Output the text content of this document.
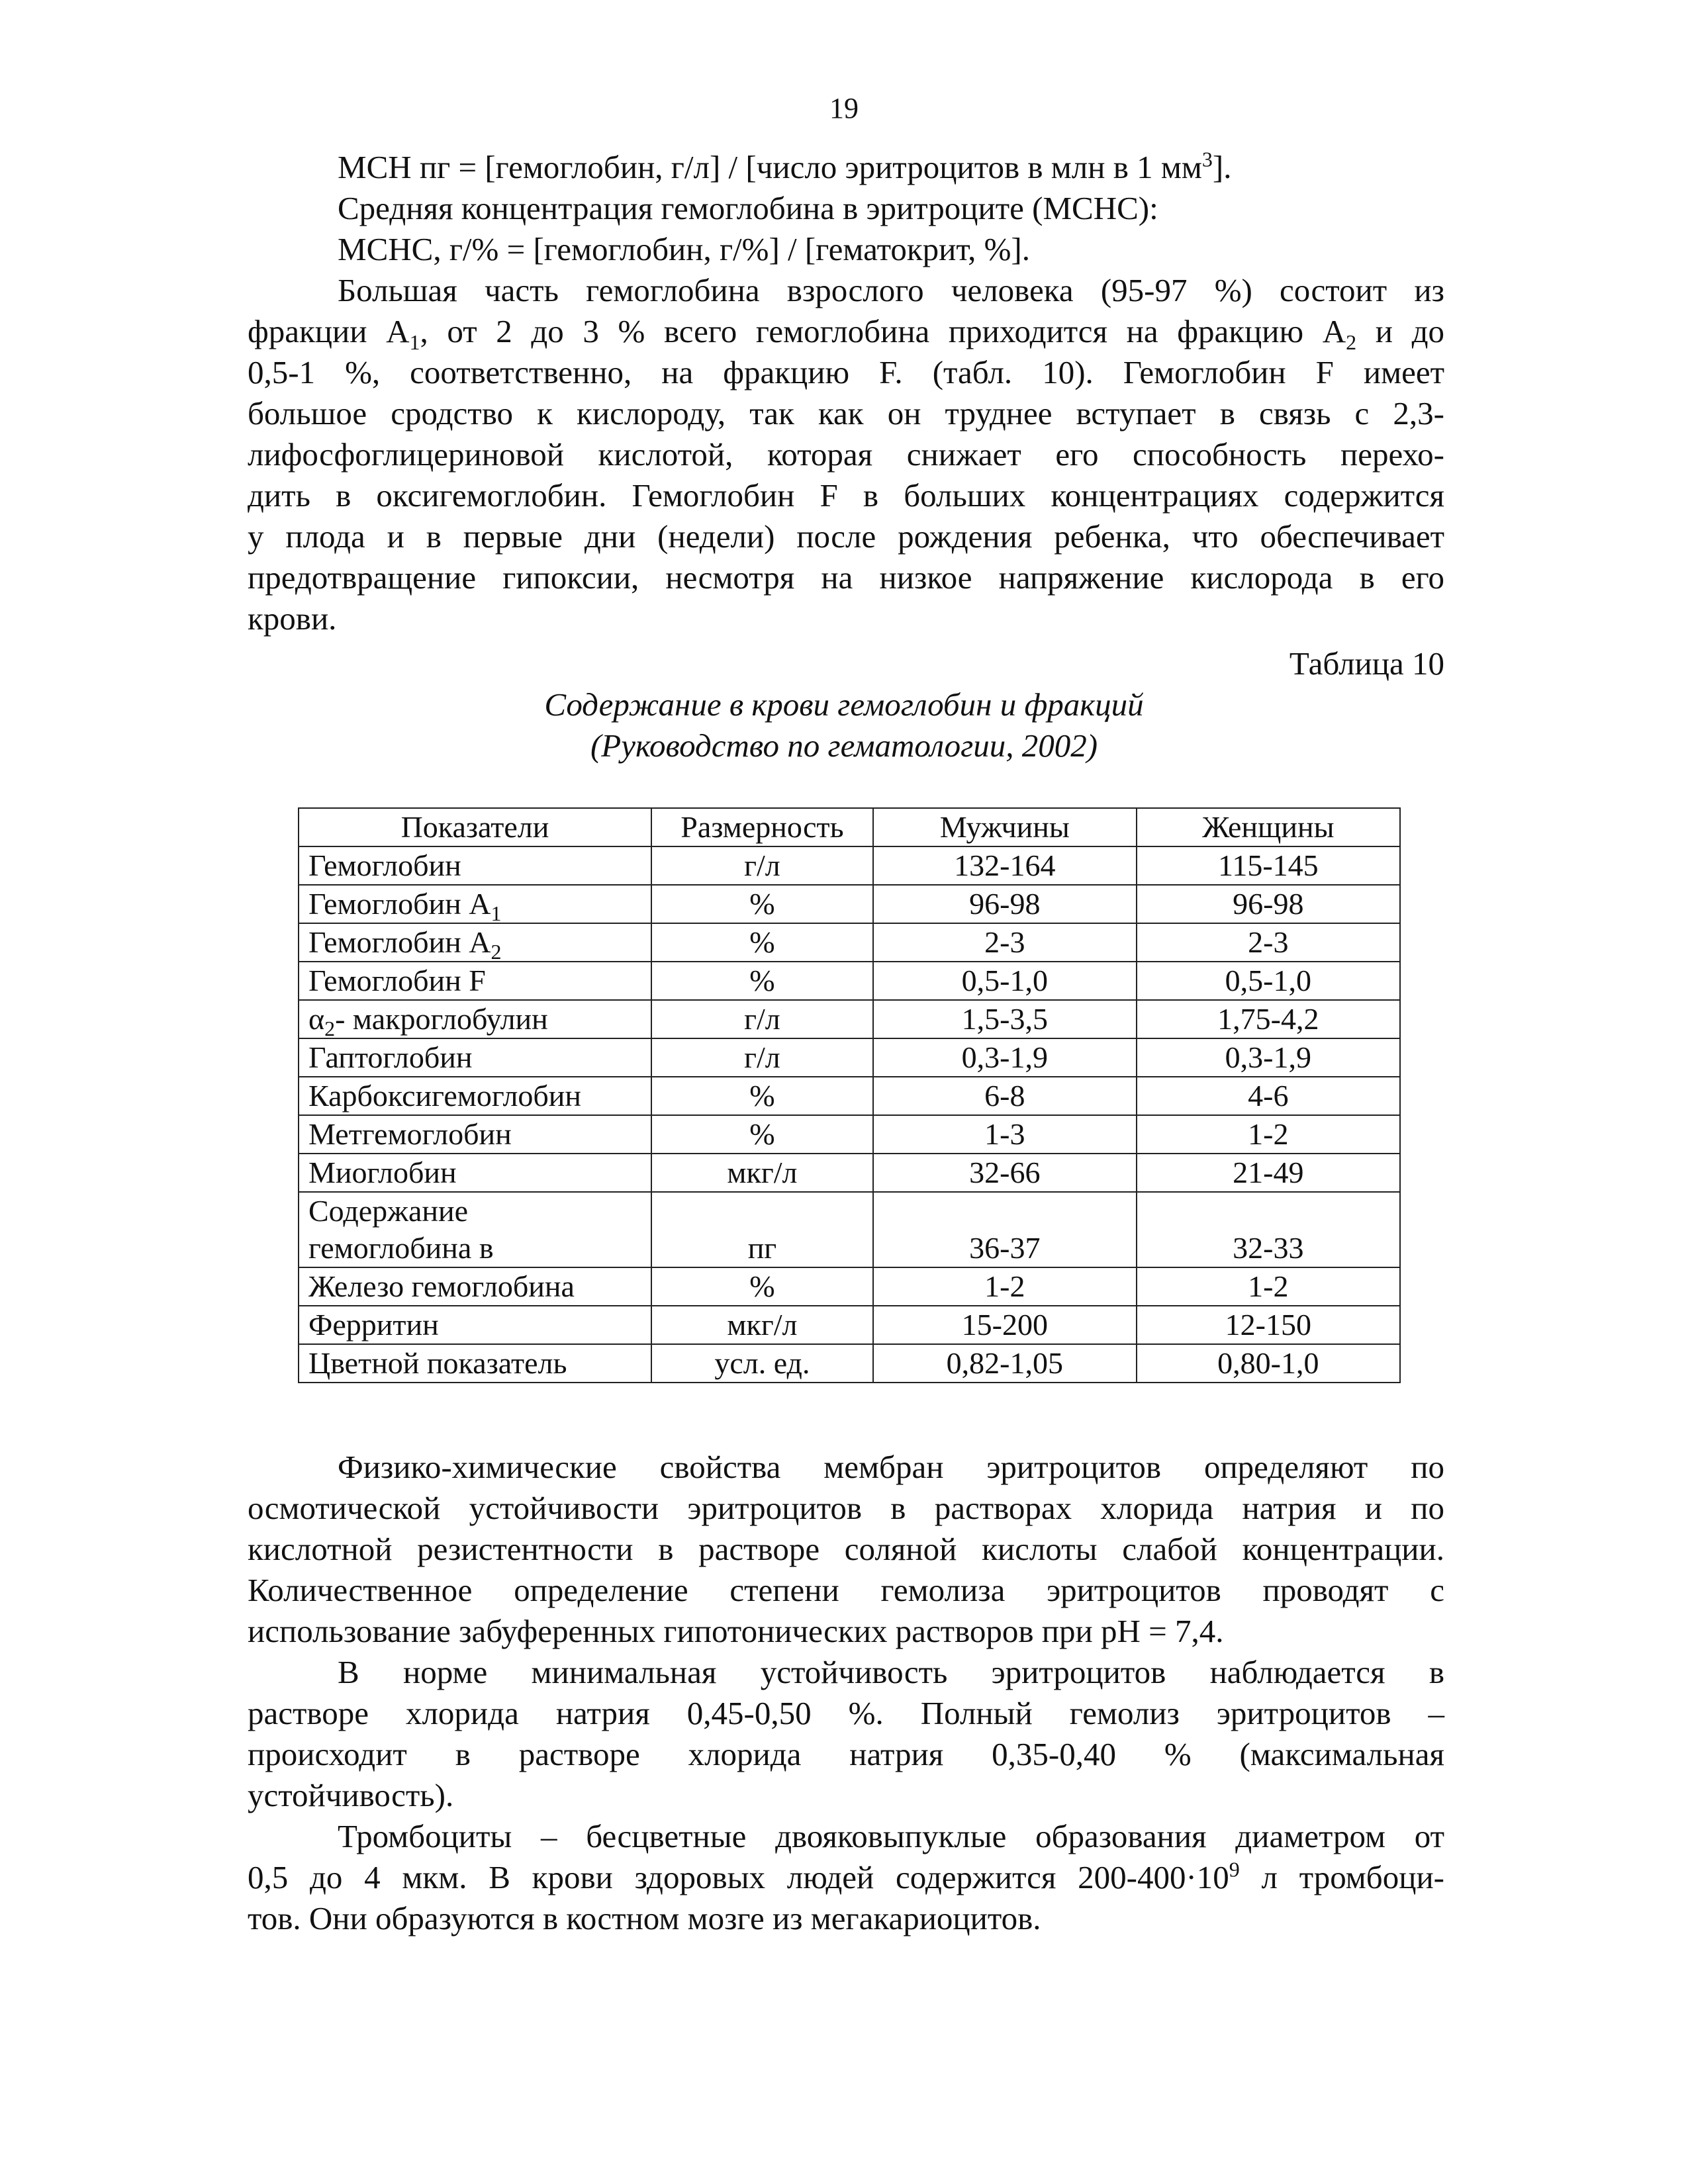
19
МСН пг = [гемоглобин, г/л] / [число эритроцитов в млн в 1 $мм^3$].
Средняя концентрация гемоглобина в эритроците (МСНС):
МСНС, г/% = [гемоглобин, г/%] / [гематокрит, %].
Большая часть гемоглобина взрослого человека (95-97 %) состоит из
фракции $А_1$, от 2 до 3 % всего гемоглобина приходится на фракцию $А_2$ и до
0,5-1 %, соответственно, на фракцию F. (табл. 10). Гемоглобин F имеет
большое сродство к кислороду, так как он труднее вступает в связь с 2,3-
лифосфоглицериновой кислотой, которая снижает его способность перехо-
дить в оксигемоглобин. Гемоглобин F в больших концентрациях содержится
у плода и в первые дни (недели) после рождения ребенка, что обеспечивает
предотвращение гипоксии, несмотря на низкое напряжение кислорода в его
крови.
Таблица 10
Содержание в крови гемоглобин и фракций
(Руководство по гематологии, 2002)
Показатели	Размерность	Мужчины	Женщины
Гемоглобин	г/л	132-164	115-145
Гемоглобин $А_1$	%	96-98	96-98
Гемоглобин $А_2$	%	2-3	2-3
Гемоглобин F	%	0,5-1,0	0,5-1,0
$\alpha_2-$ макроглобулин	г/л	1,5-3,5	1,75-4,2
Гаптоглобин	г/л	0,3-1,9	0,3-1,9
Карбоксигемоглобин	%	6-8	4-6
Метгемоглобин	%	1-3	1-2
Миоглобин	мкг/л	32-66	21-49

Содержание
гемоглобина в	пг	36-37	32-33
Железо гемоглобина	%	1-2	1-2
Ферритин	мкг/л	15-200	12-150
Цветной показатель	усл. ед.	0,82-1,05	0,80-1,0
Физико-химические свойства мембран эритроцитов определяют по
осмотической устойчивости эритроцитов в растворах хлорида натрия и по
кислотной резистентности в растворе соляной кислоты слабой концентрации.
Количественное определение степени гемолиза эритроцитов проводят с
использование забуференных гипотонических растворов при рН = 7,4.
В норме минимальная устойчивость эритроцитов наблюдается в
растворе хлорида натрия 0,45-0,50 %. Полный гемолиз эритроцитов –
происходит в растворе хлорида натрия 0,35-0,40 % (максимальная
устойчивость).
Тромбоциты – бесцветные двояковыпуклые образования диаметром от
0,5 до 4 мкм. В крови здоровых людей содержится $200-400\cdot 10^9$ л тромбоци-
тов. Они образуются в костном мозге из мегакариоцитов.
